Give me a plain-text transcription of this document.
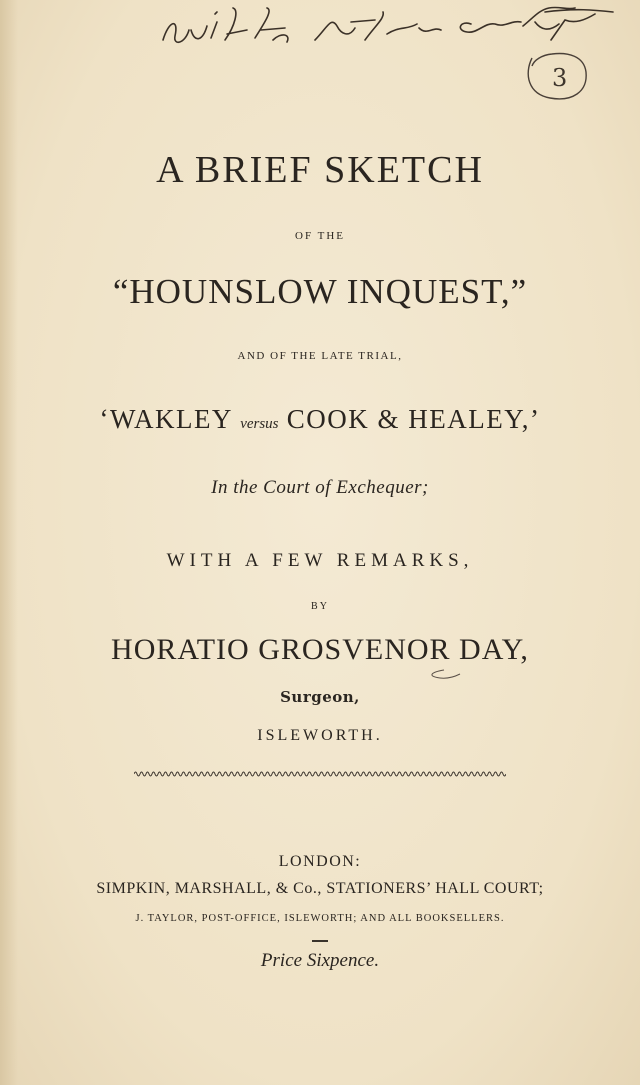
3
A BRIEF SKETCH
OF THE
“HOUNSLOW INQUEST,”
AND OF THE LATE TRIAL,
‘WAKLEY versus COOK & HEALEY,’
In the Court of Exchequer;
WITH A FEW REMARKS,
BY
HORATIO GROSVENOR DAY,
Surgeon,
ISLEWORTH.
LONDON:
SIMPKIN, MARSHALL, & Co., STATIONERS’ HALL COURT;
J. TAYLOR, POST-OFFICE, ISLEWORTH; AND ALL BOOKSELLERS.
Price Sixpence.
